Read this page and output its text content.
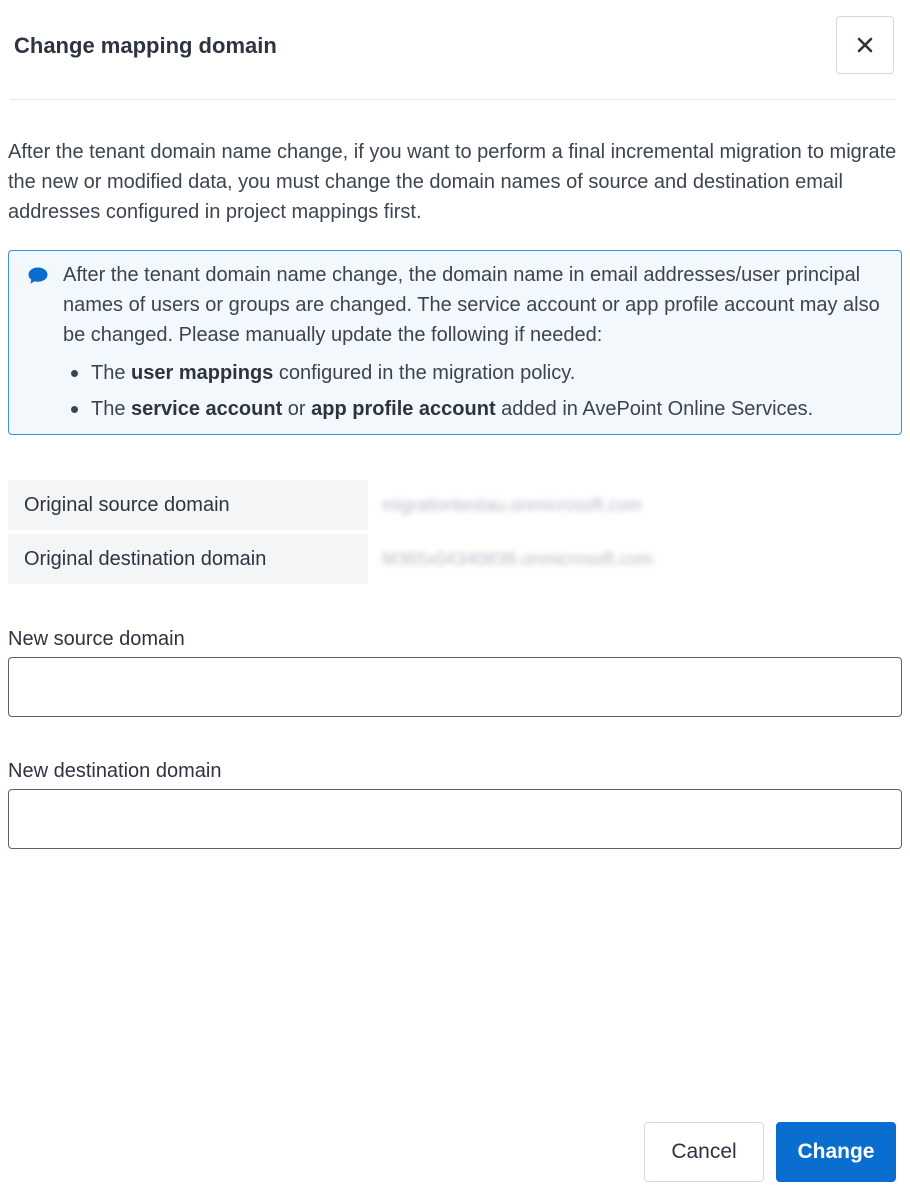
Change mapping domain

After the tenant domain name change, if you want to perform a final incremental migration to migrate the new or modified data, you must change the domain names of source and destination email addresses configured in project mappings first.

After the tenant domain name change, the domain name in email addresses/user principal names of users or groups are changed. The service account or app profile account may also be changed. Please manually update the following if needed:

The user mappings configured in the migration policy.
The service account or app profile account added in AvePoint Online Services.
Original source domain	migrationtestau.onmicrosoft.com
Original destination domain	M365x04340838.onmicrosoft.com
New source domain
New destination domain
Cancel	Change
